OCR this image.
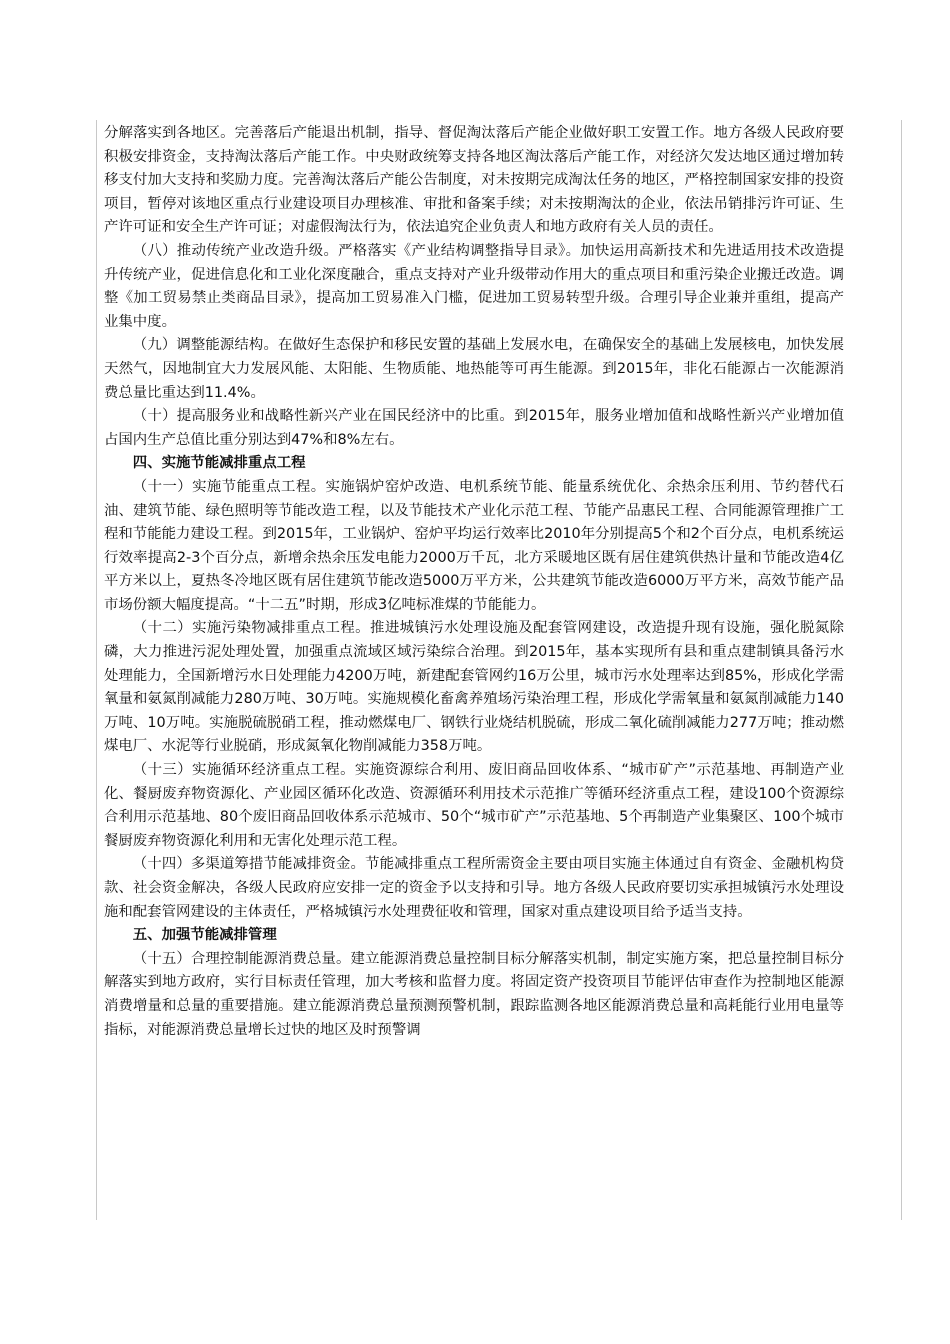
分解落实到各地区。完善落后产能退出机制，指导、督促淘汰落后产能企业做好职工安置工作。地方各级人民政府要积极安排资金，支持淘汰落后产能工作。中央财政统筹支持各地区淘汰落后产能工作，对经济欠发达地区通过增加转移支付加大支持和奖励力度。完善淘汰落后产能公告制度，对未按期完成淘汰任务的地区，严格控制国家安排的投资项目，暂停对该地区重点行业建设项目办理核准、审批和备案手续；对未按期淘汰的企业，依法吊销排污许可证、生产许可证和安全生产许可证；对虚假淘汰行为，依法追究企业负责人和地方政府有关人员的责任。

（八）推动传统产业改造升级。严格落实《产业结构调整指导目录》。加快运用高新技术和先进适用技术改造提升传统产业，促进信息化和工业化深度融合，重点支持对产业升级带动作用大的重点项目和重污染企业搬迁改造。调整《加工贸易禁止类商品目录》，提高加工贸易准入门槛，促进加工贸易转型升级。合理引导企业兼并重组，提高产业集中度。

（九）调整能源结构。在做好生态保护和移民安置的基础上发展水电，在确保安全的基础上发展核电，加快发展天然气，因地制宜大力发展风能、太阳能、生物质能、地热能等可再生能源。到2015年，非化石能源占一次能源消费总量比重达到11.4%。

（十）提高服务业和战略性新兴产业在国民经济中的比重。到2015年，服务业增加值和战略性新兴产业增加值占国内生产总值比重分别达到47%和8%左右。

四、实施节能减排重点工程

（十一）实施节能重点工程。实施锅炉窑炉改造、电机系统节能、能量系统优化、余热余压利用、节约替代石油、建筑节能、绿色照明等节能改造工程，以及节能技术产业化示范工程、节能产品惠民工程、合同能源管理推广工程和节能能力建设工程。到2015年，工业锅炉、窑炉平均运行效率比2010年分别提高5个和2个百分点，电机系统运行效率提高2-3个百分点，新增余热余压发电能力2000万千瓦，北方采暖地区既有居住建筑供热计量和节能改造4亿平方米以上，夏热冬冷地区既有居住建筑节能改造5000万平方米，公共建筑节能改造6000万平方米，高效节能产品市场份额大幅度提高。“十二五”时期，形成3亿吨标准煤的节能能力。

（十二）实施污染物减排重点工程。推进城镇污水处理设施及配套管网建设，改造提升现有设施，强化脱氮除磷，大力推进污泥处理处置，加强重点流域区域污染综合治理。到2015年，基本实现所有县和重点建制镇具备污水处理能力，全国新增污水日处理能力4200万吨，新建配套管网约16万公里，城市污水处理率达到85%，形成化学需氧量和氨氮削减能力280万吨、30万吨。实施规模化畜禽养殖场污染治理工程，形成化学需氧量和氨氮削减能力140万吨、10万吨。实施脱硫脱硝工程，推动燃煤电厂、钢铁行业烧结机脱硫，形成二氧化硫削减能力277万吨；推动燃煤电厂、水泥等行业脱硝，形成氮氧化物削减能力358万吨。

（十三）实施循环经济重点工程。实施资源综合利用、废旧商品回收体系、“城市矿产”示范基地、再制造产业化、餐厨废弃物资源化、产业园区循环化改造、资源循环利用技术示范推广等循环经济重点工程，建设100个资源综合利用示范基地、80个废旧商品回收体系示范城市、50个“城市矿产”示范基地、5个再制造产业集聚区、100个城市餐厨废弃物资源化利用和无害化处理示范工程。

（十四）多渠道筹措节能减排资金。节能减排重点工程所需资金主要由项目实施主体通过自有资金、金融机构贷款、社会资金解决，各级人民政府应安排一定的资金予以支持和引导。地方各级人民政府要切实承担城镇污水处理设施和配套管网建设的主体责任，严格城镇污水处理费征收和管理，国家对重点建设项目给予适当支持。

五、加强节能减排管理

（十五）合理控制能源消费总量。建立能源消费总量控制目标分解落实机制，制定实施方案，把总量控制目标分解落实到地方政府，实行目标责任管理，加大考核和监督力度。将固定资产投资项目节能评估审查作为控制地区能源消费增量和总量的重要措施。建立能源消费总量预测预警机制，跟踪监测各地区能源消费总量和高耗能行业用电量等指标，对能源消费总量增长过快的地区及时预警调
